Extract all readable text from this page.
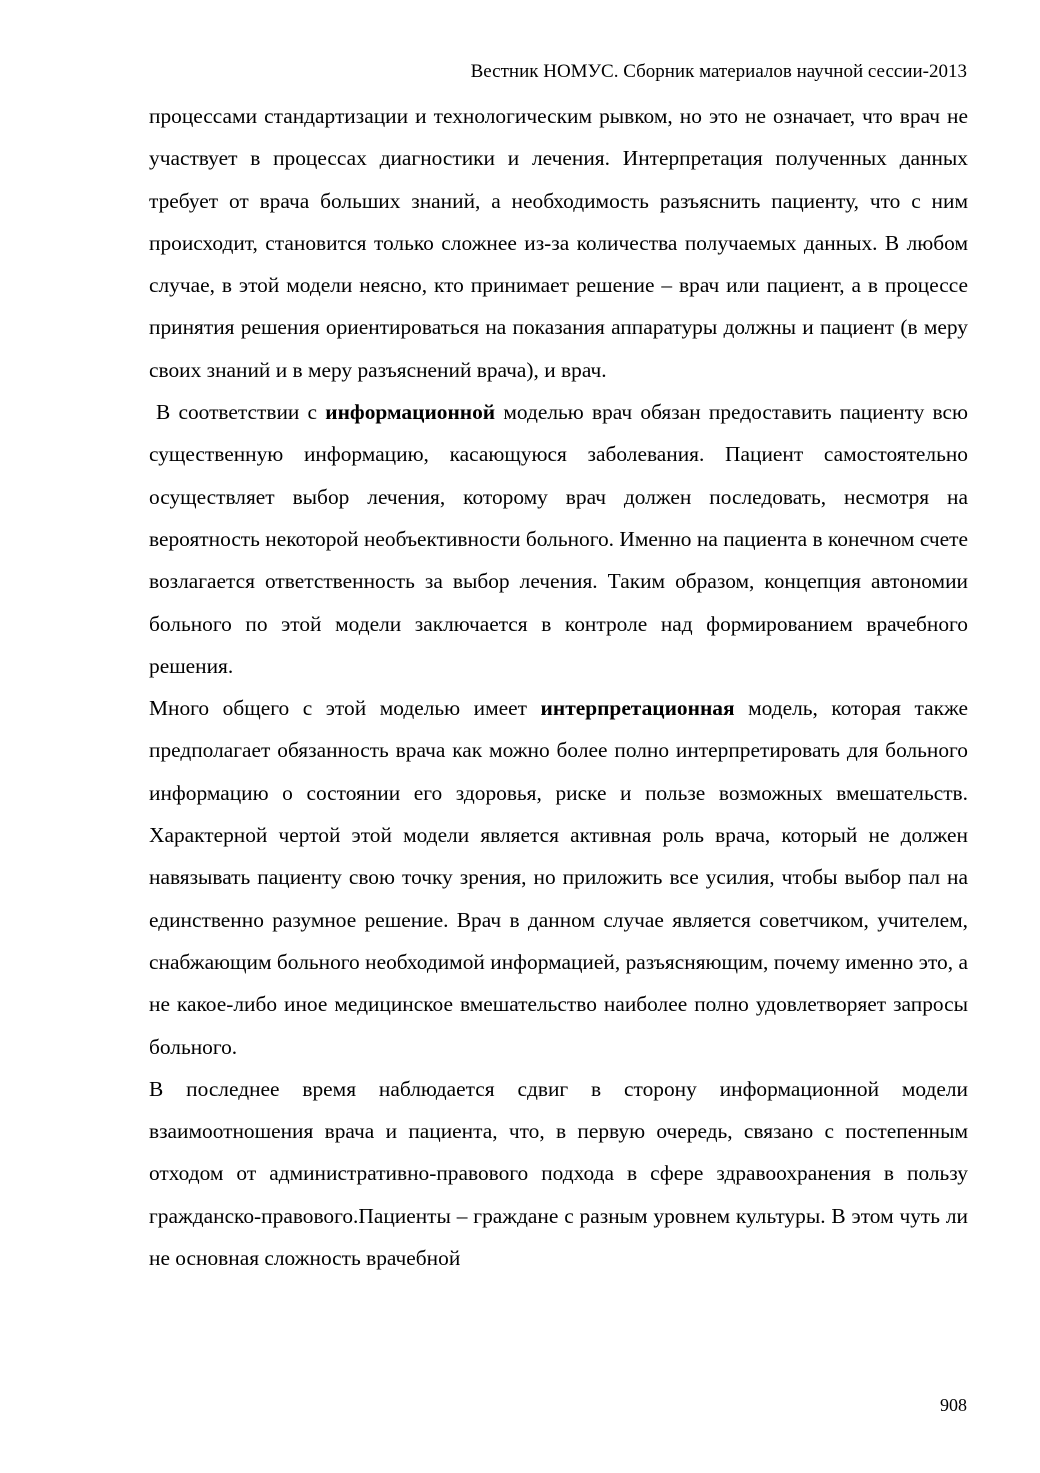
Вестник НОМУС. Сборник материалов научной сессии-2013

процессами стандартизации и технологическим рывком, но это не означает, что врач не участвует в процессах диагностики и лечения. Интерпретация полученных данных требует от врача больших знаний, а необходимость разъяснить пациенту, что с ним происходит, становится только сложнее из-за количества получаемых данных. В любом случае, в этой модели неясно, кто принимает решение – врач или пациент, а в процессе принятия решения ориентироваться на показания аппаратуры должны и пациент (в меру своих знаний и в меру разъяснений врача), и врач.

В соответствии с информационной моделью врач обязан предоставить пациенту всю существенную информацию, касающуюся заболевания. Пациент самостоятельно осуществляет выбор лечения, которому врач должен последовать, несмотря на вероятность некоторой необъективности больного. Именно на пациента в конечном счете возлагается ответственность за выбор лечения. Таким образом, концепция автономии больного по этой модели заключается в контроле над формированием врачебного решения.

Много общего с этой моделью имеет интерпретационная модель, которая также предполагает обязанность врача как можно более полно интерпретировать для больного информацию о состоянии его здоровья, риске и пользе возможных вмешательств. Характерной чертой этой модели является активная роль врача, который не должен навязывать пациенту свою точку зрения, но приложить все усилия, чтобы выбор пал на единственно разумное решение. Врач в данном случае является советчиком, учителем, снабжающим больного необходимой информацией, разъясняющим, почему именно это, а не какое-либо иное медицинское вмешательство наиболее полно удовлетворяет запросы больного.

В последнее время наблюдается сдвиг в сторону информационной модели взаимоотношения врача и пациента, что, в первую очередь, связано с постепенным отходом от административно-правового подхода в сфере здравоохранения в пользу гражданско-правового.Пациенты – граждане с разным уровнем культуры. В этом чуть ли не основная сложность врачебной

908
